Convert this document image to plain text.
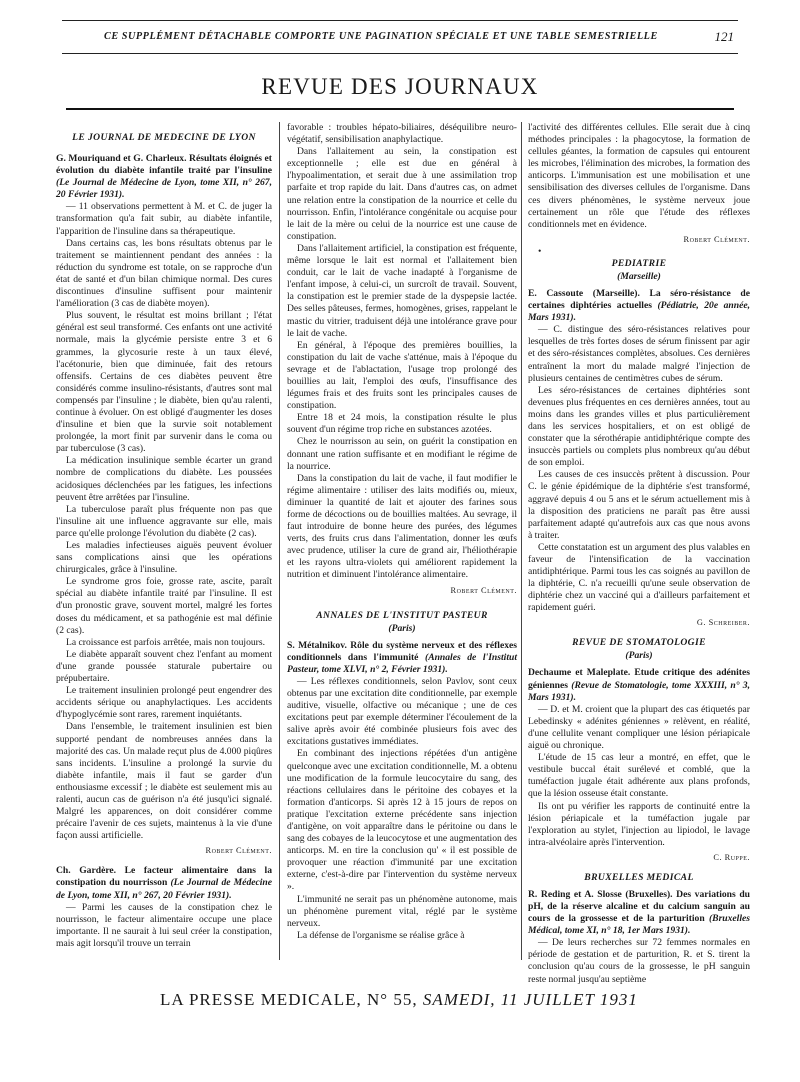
CE SUPPLÉMENT DÉTACHABLE COMPORTE UNE PAGINATION SPÉCIALE ET UNE TABLE SEMESTRIELLE	121
REVUE DES JOURNAUX
LE JOURNAL DE MEDECINE DE LYON

G. Mouriquand et G. Charleux. Résultats éloignés et évolution du diabète infantile traité par l'insuline (Le Journal de Médecine de Lyon, tome XII, n° 267, 20 Février 1931).

— 11 observations permettent à M. et C. de juger la transformation qu'a fait subir, au diabète infantile, l'apparition de l'insuline dans sa thérapeutique.

Dans certains cas, les bons résultats obtenus par le traitement se maintiennent pendant des années : la réduction du syndrome est totale, on se rapproche d'un état de santé et d'un bilan chimique normal. Des cures discontinues d'insuline suffisent pour maintenir l'amélioration (3 cas de diabète moyen).

Plus souvent, le résultat est moins brillant ; l'état général est seul transformé. Ces enfants ont une activité normale, mais la glycémie persiste entre 3 et 6 grammes, la glycosurie reste à un taux élevé, l'acétonurie, bien que diminuée, fait des retours offensifs. Certains de ces diabètes peuvent être considérés comme insulino-résistants, d'autres sont mal compensés par l'insuline ; le diabète, bien qu'au ralenti, continue à évoluer. On est obligé d'augmenter les doses d'insuline et bien que la survie soit notablement prolongée, la mort finit par survenir dans le coma ou par tuberculose (3 cas).

La médication insulinique semble écarter un grand nombre de complications du diabète. Les poussées acidosiques déclenchées par les fatigues, les infections peuvent être arrêtées par l'insuline.

La tuberculose paraît plus fréquente non pas que l'insuline ait une influence aggravante sur elle, mais parce qu'elle prolonge l'évolution du diabète (2 cas).

Les maladies infectieuses aiguës peuvent évoluer sans complications ainsi que les opérations chirurgicales, grâce à l'insuline.

Le syndrome gros foie, grosse rate, ascite, paraît spécial au diabète infantile traité par l'insuline. Il est d'un pronostic grave, souvent mortel, malgré les fortes doses du médicament, et sa pathogénie est mal définie (2 cas).

La croissance est parfois arrêtée, mais non toujours.

Le diabète apparaît souvent chez l'enfant au moment d'une grande poussée staturale pubertaire ou prépubertaire.

Le traitement insulinien prolongé peut engendrer des accidents sérique ou anaphylactiques. Les accidents d'hypoglycémie sont rares, rarement inquiétants.

Dans l'ensemble, le traitement insulinien est bien supporté pendant de nombreuses années dans la majorité des cas. Un malade reçut plus de 4.000 piqûres sans incidents. L'insuline a prolongé la survie du diabète infantile, mais il faut se garder d'un enthousiasme excessif ; le diabète est seulement mis au ralenti, aucun cas de guérison n'a été jusqu'ici signalé. Malgré les apparences, on doit considérer comme précaire l'avenir de ces sujets, maintenus à la vie d'une façon aussi artificielle.

Robert Clément.

Ch. Gardère. Le facteur alimentaire dans la constipation du nourrisson (Le Journal de Médecine de Lyon, tome XII, n° 267, 20 Février 1931).

— Parmi les causes de la constipation chez le nourrisson, le facteur alimentaire occupe une place importante. Il ne saurait à lui seul créer la constipation, mais agit lorsqu'il trouve un terrain

favorable : troubles hépato-biliaires, déséquilibre neuro-végétatif, sensibilisation anaphylactique.

Dans l'allaitement au sein, la constipation est exceptionnelle ; elle est due en général à l'hypoalimentation, et serait due à une assimilation trop parfaite et trop rapide du lait. Dans d'autres cas, on admet une relation entre la constipation de la nourrice et celle du nourrisson. Enfin, l'intolérance congénitale ou acquise pour le lait de la mère ou celui de la nourrice est une cause de constipation.

Dans l'allaitement artificiel, la constipation est fréquente, même lorsque le lait est normal et l'allaitement bien conduit, car le lait de vache inadapté à l'organisme de l'enfant impose, à celui-ci, un surcroît de travail. Souvent, la constipation est le premier stade de la dyspepsie lactée. Des selles pâteuses, fermes, homogènes, grises, rappelant le mastic du vitrier, traduisent déjà une intolérance grave pour le lait de vache.

En général, à l'époque des premières bouillies, la constipation du lait de vache s'atténue, mais à l'époque du sevrage et de l'ablactation, l'usage trop prolongé des bouillies au lait, l'emploi des œufs, l'insuffisance des légumes frais et des fruits sont les principales causes de constipation.

Entre 18 et 24 mois, la constipation résulte le plus souvent d'un régime trop riche en substances azotées.

Chez le nourrisson au sein, on guérit la constipation en donnant une ration suffisante et en modifiant le régime de la nourrice.

Dans la constipation du lait de vache, il faut modifier le régime alimentaire : utiliser des laits modifiés ou, mieux, diminuer la quantité de lait et ajouter des farines sous forme de décoctions ou de bouillies maltées. Au sevrage, il faut introduire de bonne heure des purées, des légumes verts, des fruits crus dans l'alimentation, donner les œufs avec prudence, utiliser la cure de grand air, l'héliothérapie et les rayons ultra-violets qui améliorent rapidement la nutrition et diminuent l'intolérance alimentaire.

Robert Clément.
ANNALES DE L'INSTITUT PASTEUR
(Paris)

S. Métalnikov. Rôle du système nerveux et des réflexes conditionnels dans l'immunité (Annales de l'Institut Pasteur, tome XLVI, n° 2, Février 1931).

— Les réflexes conditionnels, selon Pavlov, sont ceux obtenus par une excitation dite conditionnelle, par exemple auditive, visuelle, olfactive ou mécanique ; une de ces excitations peut par exemple déterminer l'écoulement de la salive après avoir été combinée plusieurs fois avec des excitations gustatives immédiates.

En combinant des injections répétées d'un antigène quelconque avec une excitation conditionnelle, M. a obtenu une modification de la formule leucocytaire du sang, des réactions cellulaires dans le péritoine des cobayes et la formation d'anticorps. Si après 12 à 15 jours de repos on pratique l'excitation externe précédente sans injection d'antigène, on voit apparaître dans le péritoine ou dans le sang des cobayes de la leucocytose et une augmentation des anticorps. M. en tire la conclusion qu' « il est possible de provoquer une réaction d'immunité par une excitation externe, c'est-à-dire par l'intervention du système nerveux ».

L'immunité ne serait pas un phénomène autonome, mais un phénomène purement vital, réglé par le système nerveux.

La défense de l'organisme se réalise grâce à

l'activité des différentes cellules. Elle serait due à cinq méthodes principales : la phagocytose, la formation de cellules géantes, la formation de capsules qui entourent les microbes, l'élimination des microbes, la formation des anticorps. L'immunisation est une mobilisation et une sensibilisation des diverses cellules de l'organisme. Dans ces divers phénomènes, le système nerveux joue certainement un rôle que l'étude des réflexes conditionnels met en évidence.

Robert Clément.

•

PEDIATRIE
(Marseille)

E. Cassoute (Marseille). La séro-résistance de certaines diphtéries actuelles (Pédiatrie, 20e année, Mars 1931).

— C. distingue des séro-résistances relatives pour lesquelles de très fortes doses de sérum finissent par agir et des séro-résistances complètes, absolues. Ces dernières entraînent la mort du malade malgré l'injection de plusieurs centaines de centimètres cubes de sérum.

Les séro-résistances de certaines diphtéries sont devenues plus fréquentes en ces dernières années, tout au moins dans les grandes villes et plus particulièrement dans les services hospitaliers, et on est obligé de constater que la sérothérapie antidiphtérique compte des insuccès partiels ou complets plus nombreux qu'au début de son emploi.

Les causes de ces insuccès prêtent à discussion. Pour C. le génie épidémique de la diphtérie s'est transformé, aggravé depuis 4 ou 5 ans et le sérum actuellement mis à la disposition des praticiens ne paraît pas être aussi parfaitement adapté qu'autrefois aux cas que nous avons à traiter.

Cette constatation est un argument des plus valables en faveur de l'intensification de la vaccination antidiphtérique. Parmi tous les cas soignés au pavillon de la diphtérie, C. n'a recueilli qu'une seule observation de diphtérie chez un vacciné qui a d'ailleurs parfaitement et rapidement guéri.

G. Schreiber.
REVUE DE STOMATOLOGIE
(Paris)

Dechaume et Maleplate. Etude critique des adénites géniennes (Revue de Stomatologie, tome XXXIII, n° 3, Mars 1931).

— D. et M. croient que la plupart des cas étiquetés par Lebedinsky « adénites géniennes » relèvent, en réalité, d'une cellulite venant compliquer une lésion périapicale aiguë ou chronique.

L'étude de 15 cas leur a montré, en effet, que le vestibule buccal était surélevé et comblé, que la tuméfaction jugale était adhérente aux plans profonds, que la lésion osseuse était constante.

Ils ont pu vérifier les rapports de continuité entre la lésion périapicale et la tuméfaction jugale par l'exploration au stylet, l'injection au lipiodol, le lavage intra-alvéolaire après l'intervention.

C. Ruppe.
BRUXELLES MEDICAL

R. Reding et A. Slosse (Bruxelles). Des variations du pH, de la réserve alcaline et du calcium sanguin au cours de la grossesse et de la parturition (Bruxelles Médical, tome XI, n° 18, 1er Mars 1931).

— De leurs recherches sur 72 femmes normales en période de gestation et de parturition, R. et S. tirent la conclusion qu'au cours de la grossesse, le pH sanguin reste normal jusqu'au septième

LA PRESSE MEDICALE, N° 55, SAMEDI, 11 JUILLET 1931
